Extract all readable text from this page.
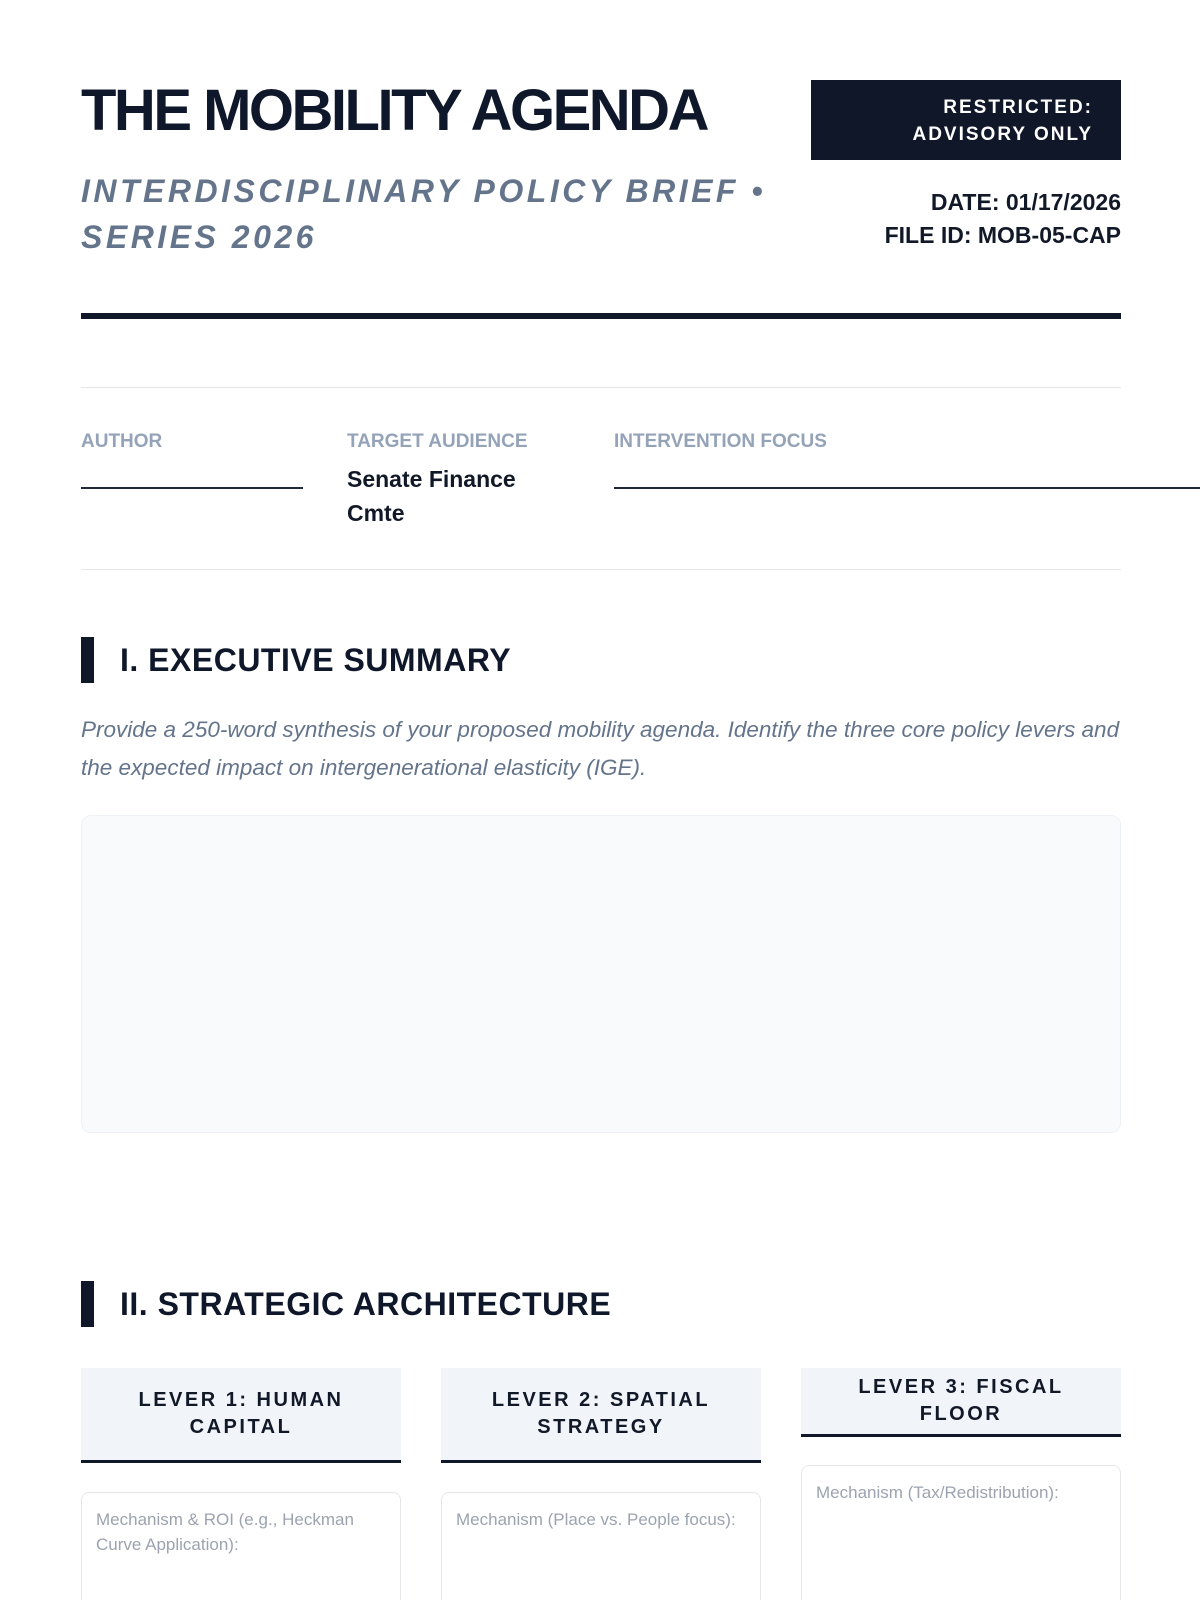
THE MOBILITY AGENDA
INTERDISCIPLINARY POLICY BRIEF • SERIES 2026
RESTRICTED:
ADVISORY ONLY
DATE: 01/17/2026
FILE ID: MOB-05-CAP
AUTHOR	TARGET AUDIENCE
Senate Finance Cmte
INTERVENTION FOCUS
I. EXECUTIVE SUMMARY
Provide a 250-word synthesis of your proposed mobility agenda. Identify the three core policy levers and the expected impact on intergenerational elasticity (IGE).
II. STRATEGIC ARCHITECTURE
LEVER 1: HUMAN CAPITAL
Mechanism & ROI (e.g., Heckman Curve Application):
LEVER 2: SPATIAL STRATEGY
Mechanism (Place vs. People focus):
LEVER 3: FISCAL FLOOR
Mechanism (Tax/Redistribution):
